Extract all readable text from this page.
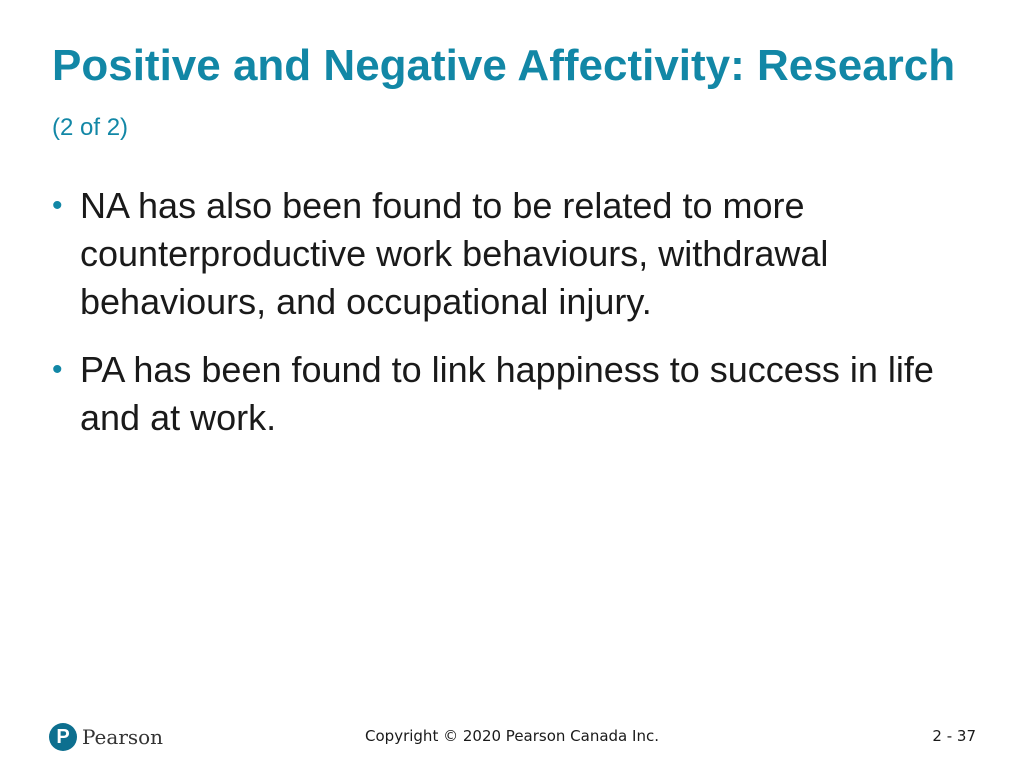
Positive and Negative Affectivity: Research (2 of 2)
• NA has also been found to be related to more counterproductive work behaviours, withdrawal behaviours, and occupational injury.
• PA has been found to link happiness to success in life and at work.
P Pearson	Copyright © 2020 Pearson Canada Inc.	2 - 37
